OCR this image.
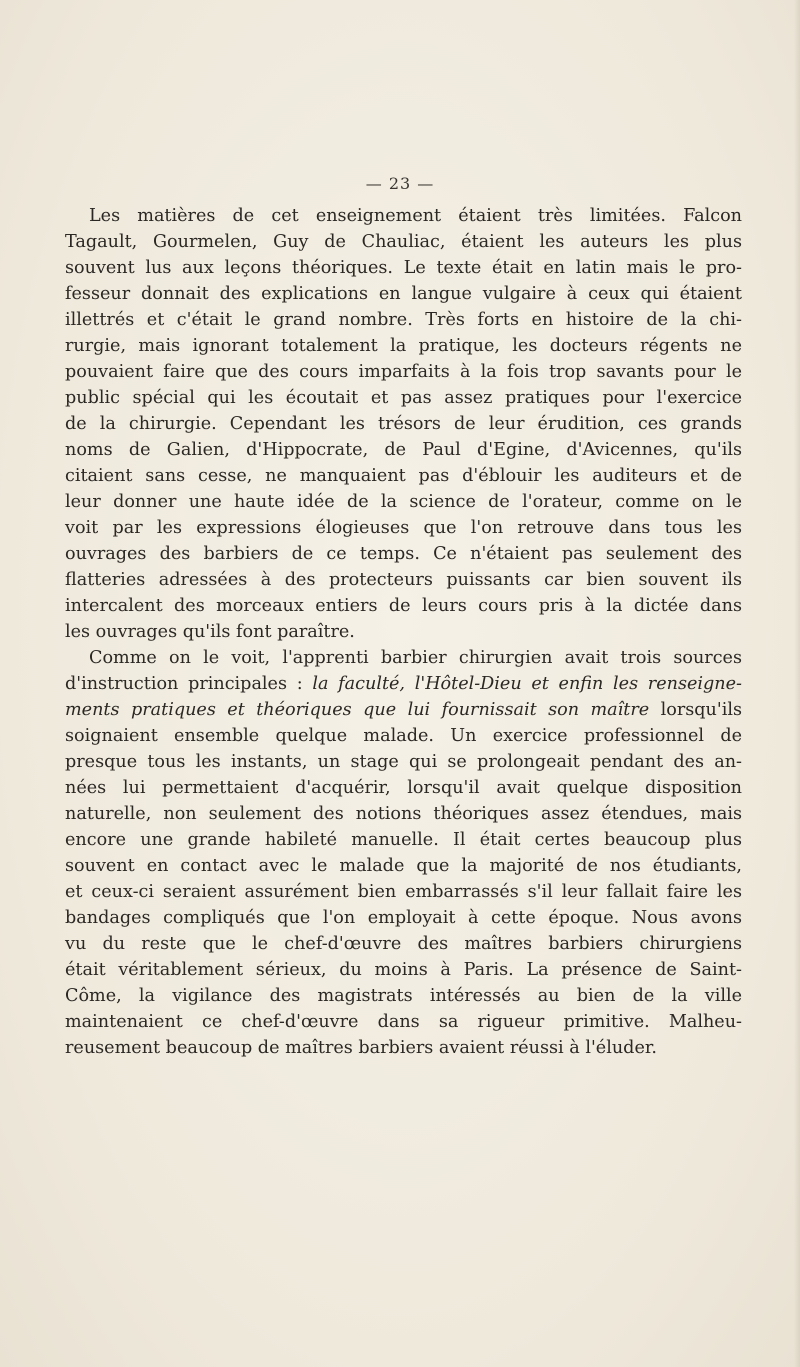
— 23 —

Les matières de cet enseignement étaient très limitées. Falcon
Tagault, Gourmelen, Guy de Chauliac, étaient les auteurs les plus
souvent lus aux leçons théoriques. Le texte était en latin mais le pro-
fesseur donnait des explications en langue vulgaire à ceux qui étaient
illettrés et c'était le grand nombre. Très forts en histoire de la chi-
rurgie, mais ignorant totalement la pratique, les docteurs régents ne
pouvaient faire que des cours imparfaits à la fois trop savants pour le
public spécial qui les écoutait et pas assez pratiques pour l'exercice
de la chirurgie. Cependant les trésors de leur érudition, ces grands
noms de Galien, d'Hippocrate, de Paul d'Egine, d'Avicennes, qu'ils
citaient sans cesse, ne manquaient pas d'éblouir les auditeurs et de
leur donner une haute idée de la science de l'orateur, comme on le
voit par les expressions élogieuses que l'on retrouve dans tous les
ouvrages des barbiers de ce temps. Ce n'étaient pas seulement des
flatteries adressées à des protecteurs puissants car bien souvent ils
intercalent des morceaux entiers de leurs cours pris à la dictée dans
les ouvrages qu'ils font paraître.

Comme on le voit, l'apprenti barbier chirurgien avait trois sources
d'instruction principales : la faculté, l'Hôtel-Dieu et enfin les renseigne-
ments pratiques et théoriques que lui fournissait son maître lorsqu'ils
soignaient ensemble quelque malade. Un exercice professionnel de
presque tous les instants, un stage qui se prolongeait pendant des an-
nées lui permettaient d'acquérir, lorsqu'il avait quelque disposition
naturelle, non seulement des notions théoriques assez étendues, mais
encore une grande habileté manuelle. Il était certes beaucoup plus
souvent en contact avec le malade que la majorité de nos étudiants,
et ceux-ci seraient assurément bien embarrassés s'il leur fallait faire les
bandages compliqués que l'on employait à cette époque. Nous avons
vu du reste que le chef-d'œuvre des maîtres barbiers chirurgiens
était véritablement sérieux, du moins à Paris. La présence de Saint-
Côme, la vigilance des magistrats intéressés au bien de la ville
maintenaient ce chef-d'œuvre dans sa rigueur primitive. Malheu-
reusement beaucoup de maîtres barbiers avaient réussi à l'éluder.
